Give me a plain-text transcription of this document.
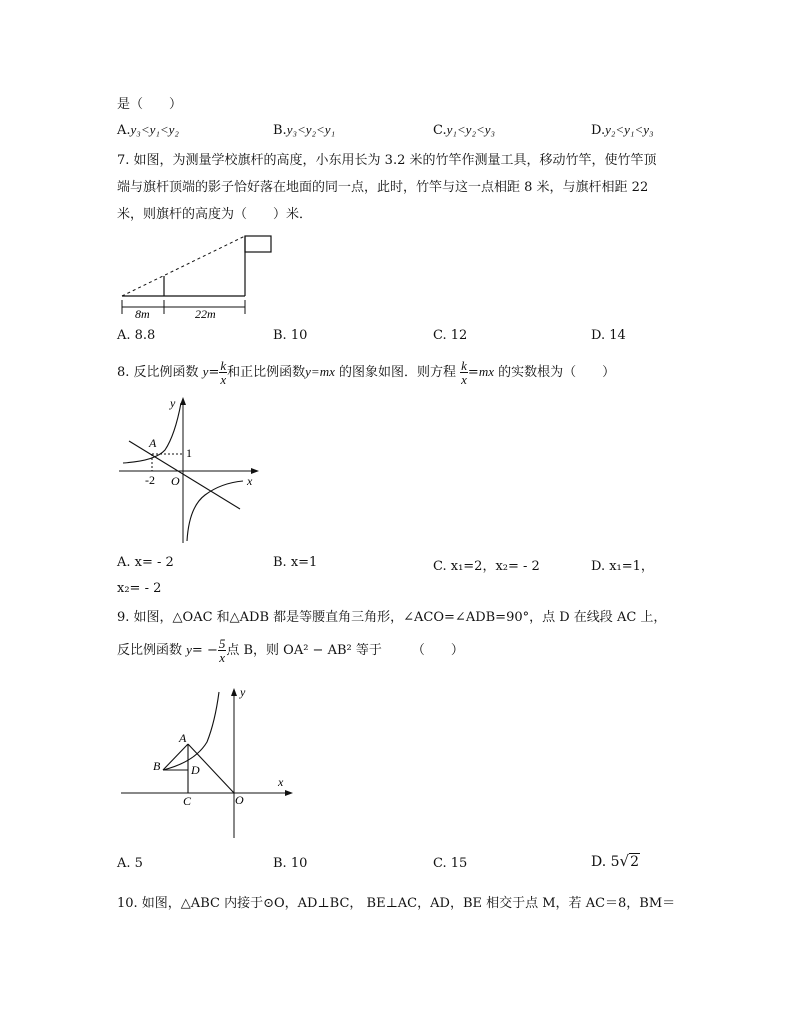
是（　　）
A.y₃<y₁<y₂	B.y₃<y₂<y₁	C.y₁<y₂<y₃	D.y₂<y₁<y₃
7. 如图，为测量学校旗杆的高度，小东用长为 3.2 米的竹竿作测量工具，移动竹竿，使竹竿顶
端与旗杆顶端的影子恰好落在地面的同一点，此时，竹竿与这一点相距 8 米，与旗杆相距 22
米，则旗杆的高度为（　　）米．
8m	22m
A. 8.8	B. 10	C. 12	D. 14
8. 反比例函数 $y= \frac{k}{x}$ 和正比例函数y=mx 的图象如图．则方程 $\frac{k}{x} =mx$ 的实数根为（　　）
y
x
A
O
-2
1
A. x= - 2	B. x=1	C. x₁=2，x₂= - 2	D. x₁=1，
x₂= - 2
9. 如图，△OAC 和△ADB 都是等腰直角三角形，∠ACO=∠ADB=90°，点 D 在线段 AC 上，
反比例函数 $y= - \frac{5}{x}$ 点 B，则 OA² − AB² 等于 （　　）
y
x
A
B	D
C	O
A. 5	B. 10	C. 15	D. 5√2
10. 如图，△ABC 内接于⊙O，AD⊥BC， BE⊥AC，AD，BE 相交于点 M，若 AC＝8，BM＝
